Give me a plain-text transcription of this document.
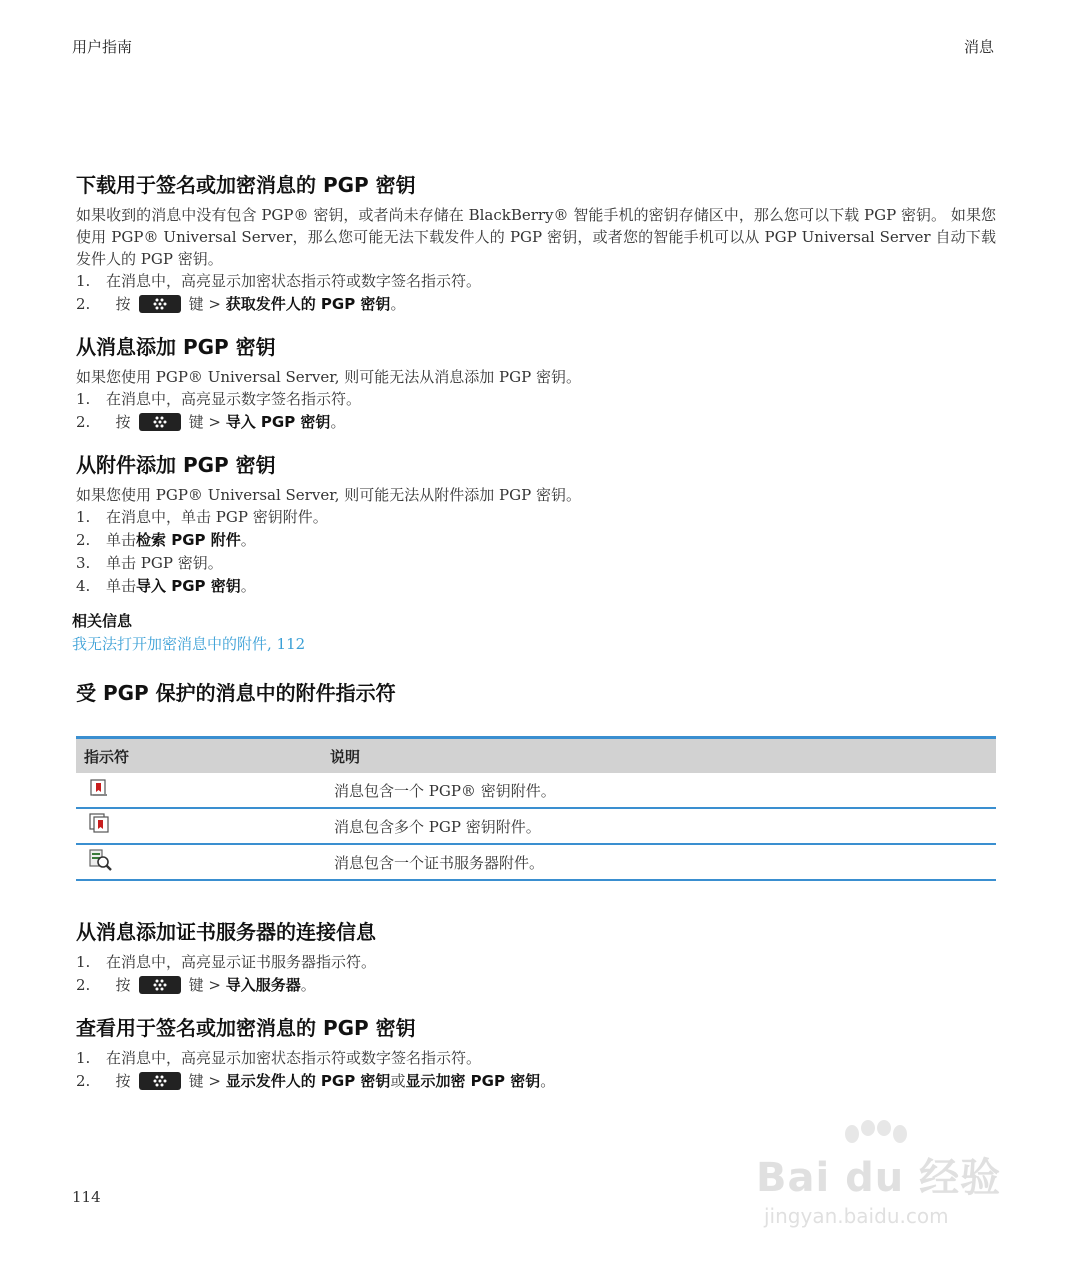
用户指南	消息
下载用于签名或加密消息的 PGP 密钥

如果收到的消息中没有包含 PGP® 密钥，或者尚未存储在 BlackBerry® 智能手机的密钥存储区中，那么您可以下载 PGP 密钥。 如果您使用 PGP® Universal Server，那么您可能无法下载发件人的 PGP 密钥，或者您的智能手机可以从 PGP Universal Server 自动下载发件人的 PGP 密钥。

1. 在消息中，高亮显示加密状态指示符或数字签名指示符。
2. 按	键 > 获取发件人的 PGP 密钥。
从消息添加 PGP 密钥

如果您使用 PGP® Universal Server, 则可能无法从消息添加 PGP 密钥。

1. 在消息中，高亮显示数字签名指示符。
2. 按	键 > 导入 PGP 密钥。
从附件添加 PGP 密钥

如果您使用 PGP® Universal Server, 则可能无法从附件添加 PGP 密钥。

1. 在消息中，单击 PGP 密钥附件。
2. 单击检索 PGP 附件。
3. 单击 PGP 密钥。
4. 单击导入 PGP 密钥。
相关信息
我无法打开加密消息中的附件, 112
受 PGP 保护的消息中的附件指示符
指示符	说明
	消息包含一个 PGP® 密钥附件。
	消息包含多个 PGP 密钥附件。
	消息包含一个证书服务器附件。
从消息添加证书服务器的连接信息
1. 在消息中，高亮显示证书服务器指示符。
2. 按	键 > 导入服务器。
查看用于签名或加密消息的 PGP 密钥
1. 在消息中，高亮显示加密状态指示符或数字签名指示符。
2. 按	键 > 显示发件人的 PGP 密钥或显示加密 PGP 密钥。
114	Bai du 经验
jingyan.baidu.com
